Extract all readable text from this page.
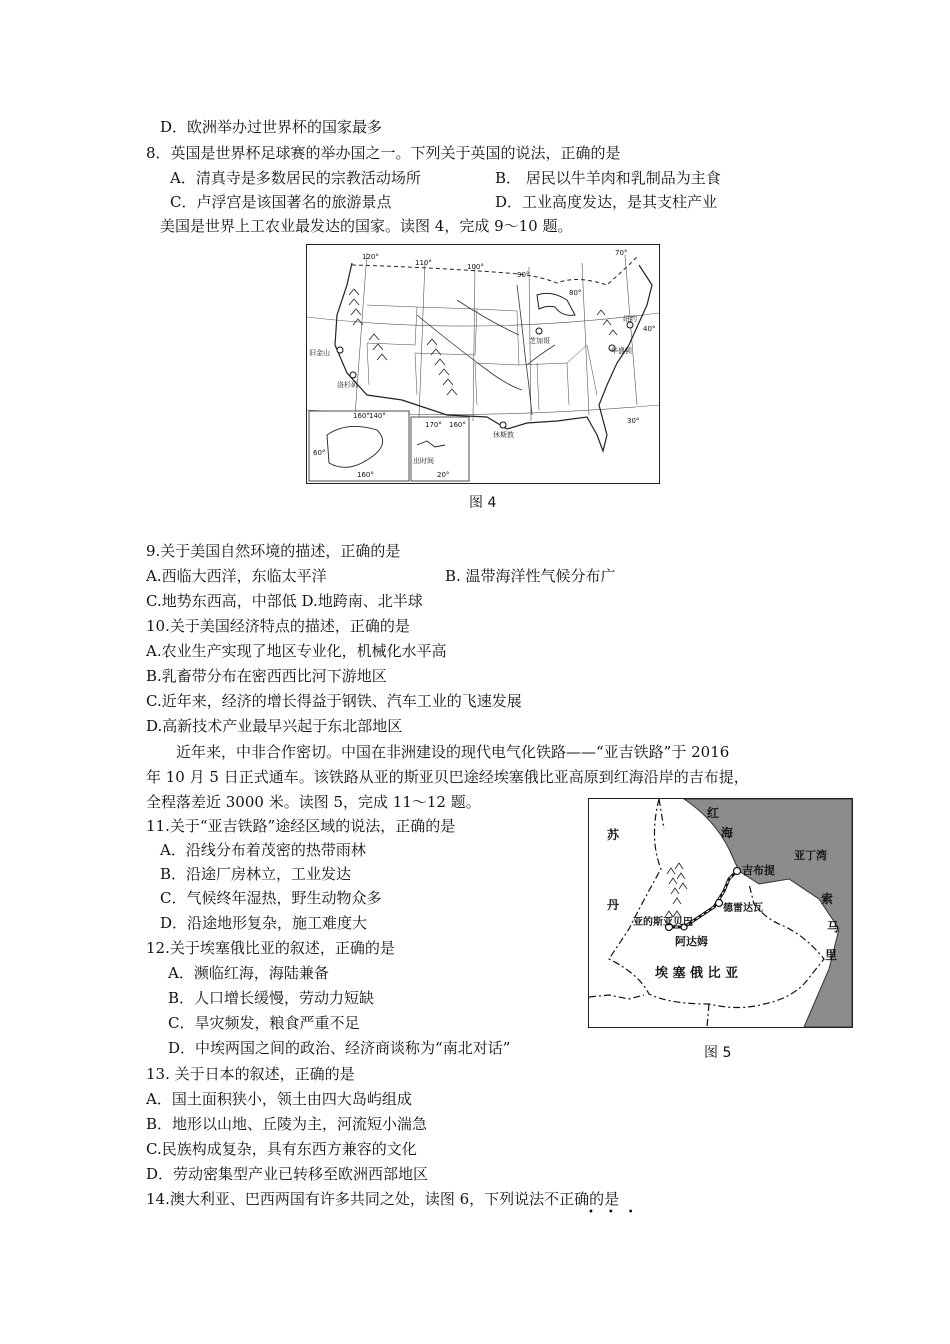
D．欧洲举办过世界杯的国家最多
8．英国是世界杯足球赛的举办国之一。下列关于英国的说法，正确的是
A．清真寺是多数居民的宗教活动场所	B． 居民以牛羊肉和乳制品为主食
C．卢浮宫是该国著名的旅游景点	D．工业高度发达，是其支柱产业
美国是世界上工农业最发达的国家。读图 4，完成 9～10 题。
120°
110°	100°
90°
80°
70°
40°
30°
旧金山
洛杉矶
芝加哥
纽约
华盛顿
休斯敦
160° 140°
60°
160°
170° 160°
20°
出时间
图 4
9.关于美国自然环境的描述，正确的是
A.西临大西洋，东临太平洋	B. 温带海洋性气候分布广
C.地势东西高，中部低 D.地跨南、北半球
10.关于美国经济特点的描述，正确的是
A.农业生产实现了地区专业化，机械化水平高
B.乳畜带分布在密西西比河下游地区
C.近年来，经济的增长得益于钢铁、汽车工业的飞速发展
D.高新技术产业最早兴起于东北部地区
近年来，中非合作密切。中国在非洲建设的现代电气化铁路——“亚吉铁路”于 2016
年 10 月 5 日正式通车。该铁路从亚的斯亚贝巴途经埃塞俄比亚高原到红海沿岸的吉布提，
全程落差近 3000 米。读图 5，完成 11～12 题。
11.关于“亚吉铁路”途经区域的说法，正确的是
A．沿线分布着茂密的热带雨林
B．沿途厂房林立，工业发达
C．气候终年湿热，野生动物众多
D．沿途地形复杂，施工难度大
12.关于埃塞俄比亚的叙述，正确的是
A．濒临红海，海陆兼备
B．人口增长缓慢，劳动力短缺
C．旱灾频发，粮食严重不足
D．中埃两国之间的政治、经济商谈称为“南北对话”
红
海
亚丁湾
吉布提
苏
丹	德雷达瓦
亚的斯亚贝巴
阿达姆
埃 塞 俄 比 亚
索
马
里
图 5
13. 关于日本的叙述，正确的是
A．国土面积狭小，领土由四大岛屿组成
B．地形以山地、丘陵为主，河流短小湍急
C.民族构成复杂，具有东西方兼容的文化
D．劳动密集型产业已转移至欧洲西部地区
14.澳大利亚、巴西两国有许多共同之处，读图 6，下列说法不正确的是
•••
